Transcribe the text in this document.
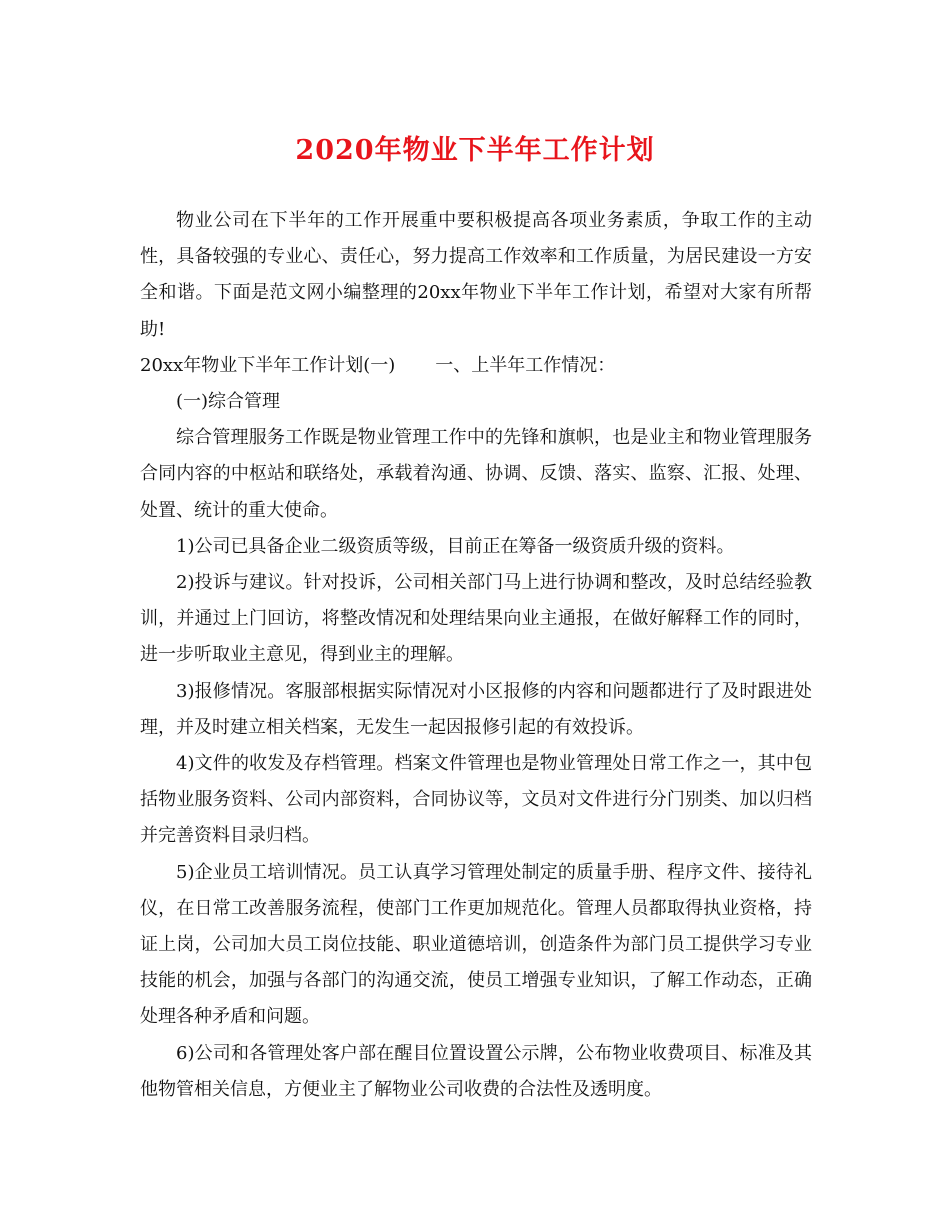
2020年物业下半年工作计划

物业公司在下半年的工作开展重中要积极提高各项业务素质，争取工作的主动性，具备较强的专业心、责任心，努力提高工作效率和工作质量，为居民建设一方安全和谐。下面是范文网小编整理的20xx年物业下半年工作计划，希望对大家有所帮助!

20xx年物业下半年工作计划(一) 一、上半年工作情况：

(一)综合管理

综合管理服务工作既是物业管理工作中的先锋和旗帜，也是业主和物业管理服务合同内容的中枢站和联络处，承载着沟通、协调、反馈、落实、监察、汇报、处理、处置、统计的重大使命。

1)公司已具备企业二级资质等级，目前正在筹备一级资质升级的资料。

2)投诉与建议。针对投诉，公司相关部门马上进行协调和整改，及时总结经验教训，并通过上门回访，将整改情况和处理结果向业主通报，在做好解释工作的同时，进一步听取业主意见，得到业主的理解。

3)报修情况。客服部根据实际情况对小区报修的内容和问题都进行了及时跟进处理，并及时建立相关档案，无发生一起因报修引起的有效投诉。

4)文件的收发及存档管理。档案文件管理也是物业管理处日常工作之一，其中包括物业服务资料、公司内部资料，合同协议等，文员对文件进行分门别类、加以归档并完善资料目录归档。

5)企业员工培训情况。员工认真学习管理处制定的质量手册、程序文件、接待礼仪，在日常工改善服务流程，使部门工作更加规范化。管理人员都取得执业资格，持证上岗，公司加大员工岗位技能、职业道德培训，创造条件为部门员工提供学习专业技能的机会，加强与各部门的沟通交流，使员工增强专业知识，了解工作动态，正确处理各种矛盾和问题。

6)公司和各管理处客户部在醒目位置设置公示牌，公布物业收费项目、标准及其他物管相关信息，方便业主了解物业公司收费的合法性及透明度。
